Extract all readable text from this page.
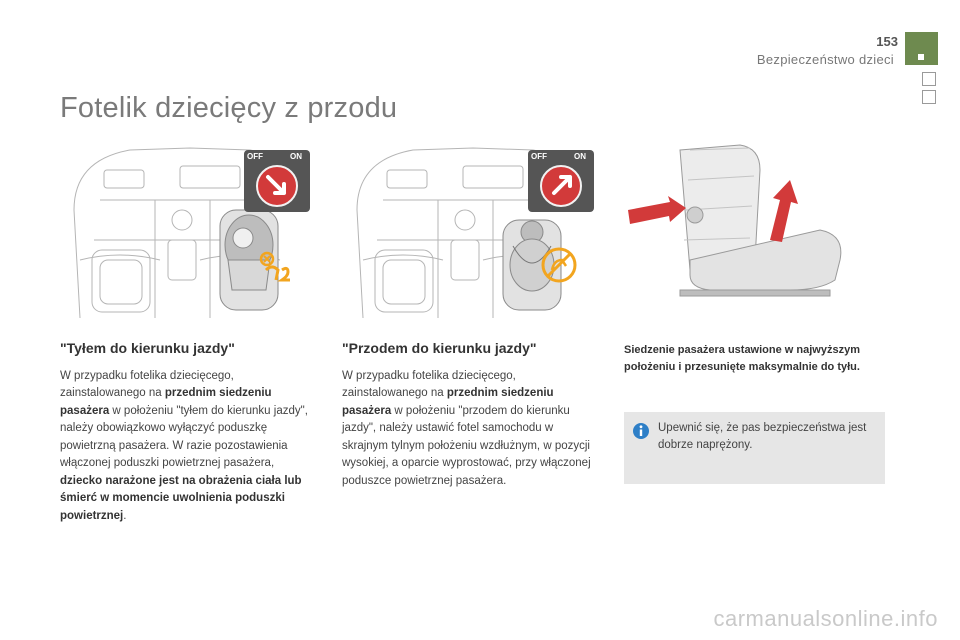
153
Bezpieczeństwo dzieci
Fotelik dziecięcy z przodu
OFF	ON	OFF	ON
"Tyłem do kierunku jazdy"
W przypadku fotelika dziecięcego, zainstalowanego na przednim siedzeniu pasażera w położeniu "tyłem do kierunku jazdy", należy obowiązkowo wyłączyć poduszkę powietrzną pasażera. W razie pozostawienia włączonej poduszki powietrznej pasażera, dziecko narażone jest na obrażenia ciała lub śmierć w momencie uwolnienia poduszki powietrznej.
"Przodem do kierunku jazdy"
W przypadku fotelika dziecięcego, zainstalowanego na przednim siedzeniu pasażera w położeniu "przodem do kierunku jazdy", należy ustawić fotel samochodu w skrajnym tylnym położeniu wzdłużnym, w pozycji wysokiej, a oparcie wyprostować, przy włączonej poduszce powietrznej pasażera.
Siedzenie pasażera ustawione w najwyższym położeniu i przesunięte maksymalnie do tyłu.
Upewnić się, że pas bezpieczeństwa jest dobrze naprężony.
carmanualsonline.info
